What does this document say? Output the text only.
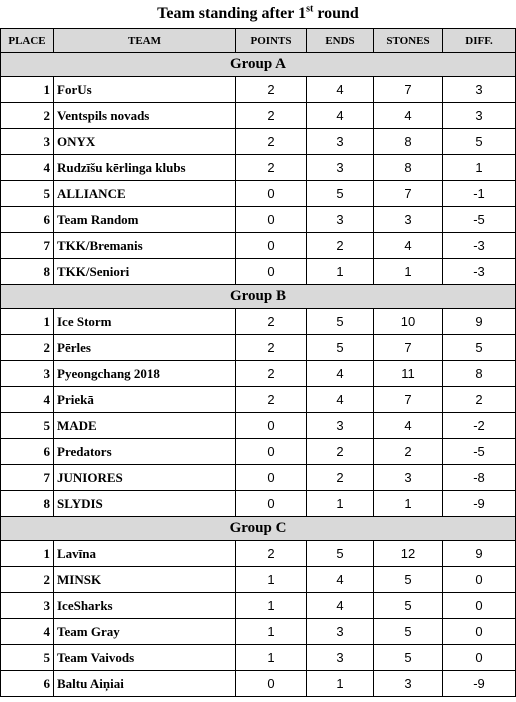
Team standing after 1st round
PLACE	TEAM	POINTS	ENDS	STONES	DIFF.
Group A					
1	ForUs	2	4	7	3
2	Ventspils novads	2	4	4	3
3	ONYX	2	3	8	5
4	Rudzīšu kērlinga klubs	2	3	8	1
5	ALLIANCE	0	5	7	-1
6	Team Random	0	3	3	-5
7	TKK/Bremanis	0	2	4	-3
8	TKK/Seniori	0	1	1	-3
Group B					
1	Ice Storm	2	5	10	9
2	Pērles	2	5	7	5
3	Pyeongchang 2018	2	4	11	8
4	Priekā	2	4	7	2
5	MADE	0	3	4	-2
6	Predators	0	2	2	-5
7	JUNIORES	0	2	3	-8
8	SLYDIS	0	1	1	-9
Group C					
1	Lavīna	2	5	12	9
2	MINSK	1	4	5	0
3	IceSharks	1	4	5	0
4	Team Gray	1	3	5	0
5	Team Vaivods	1	3	5	0
6	Baltu Aiņiai	0	1	3	-9
